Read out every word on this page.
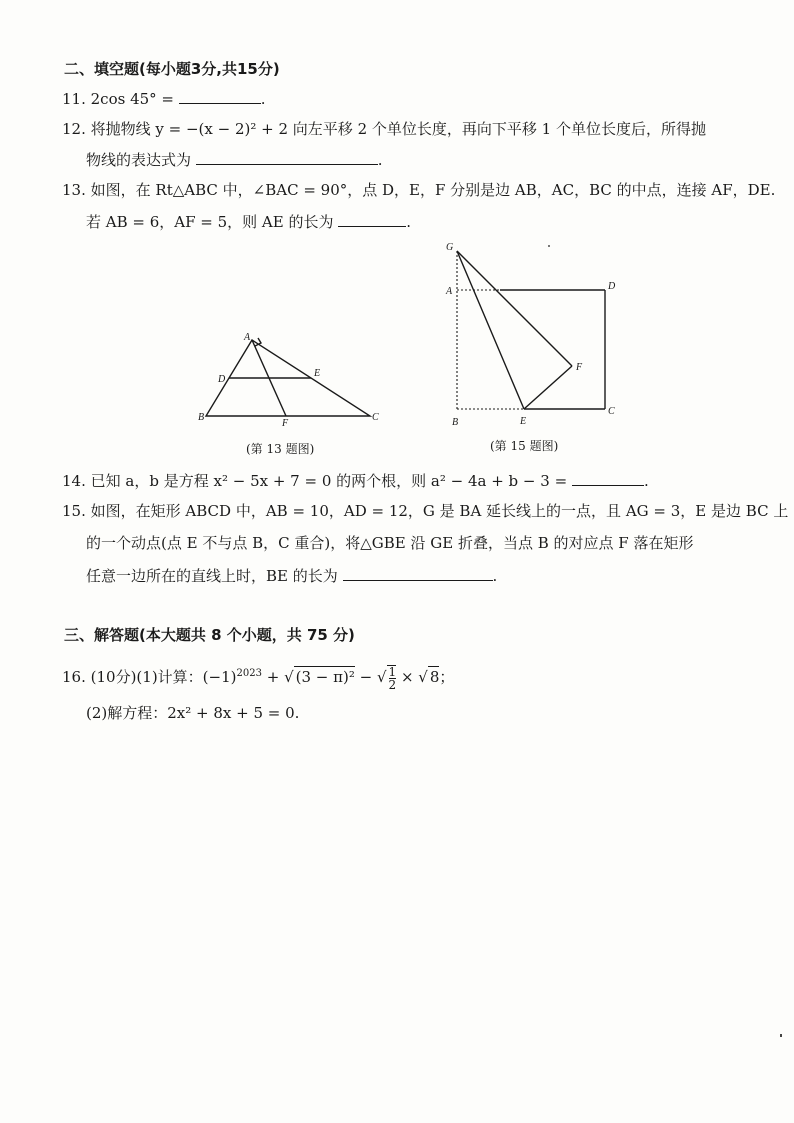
二、填空题(每小题3分,共15分)
11. 2cos 45° =	.
12. 将抛物线 y = −(x − 2)² + 2 向左平移 2 个单位长度，再向下平移 1 个单位长度后，所得抛
物线的表达式为	.
13. 如图，在 Rt△ABC 中，∠BAC = 90°，点 D，E，F 分别是边 AB，AC，BC 的中点，连接 AF，DE.
若 AB = 6，AF = 5，则 AE 的长为	.
A
B	C
D
E
F
(第 13 题图)
G
A	D
F
B	E
C
(第 15 题图)
14. 已知 a，b 是方程 x² − 5x + 7 = 0 的两个根，则 a² − 4a + b − 3 =	.
15. 如图，在矩形 ABCD 中，AB = 10，AD = 12，G 是 BA 延长线上的一点，且 AG = 3，E 是边 BC 上
的一个动点(点 E 不与点 B，C 重合)，将△GBE 沿 GE 折叠，当点 B 的对应点 F 落在矩形
任意一边所在的直线上时，BE 的长为	.
三、解答题(本大题共 8 个小题，共 75 分)
16. (10分)(1)计算：$(-1)^{2023}$ + √ (3 − π)² − √ $\frac{1}{2}$ × √ 8；
(2)解方程：2x² + 8x + 5 = 0.
